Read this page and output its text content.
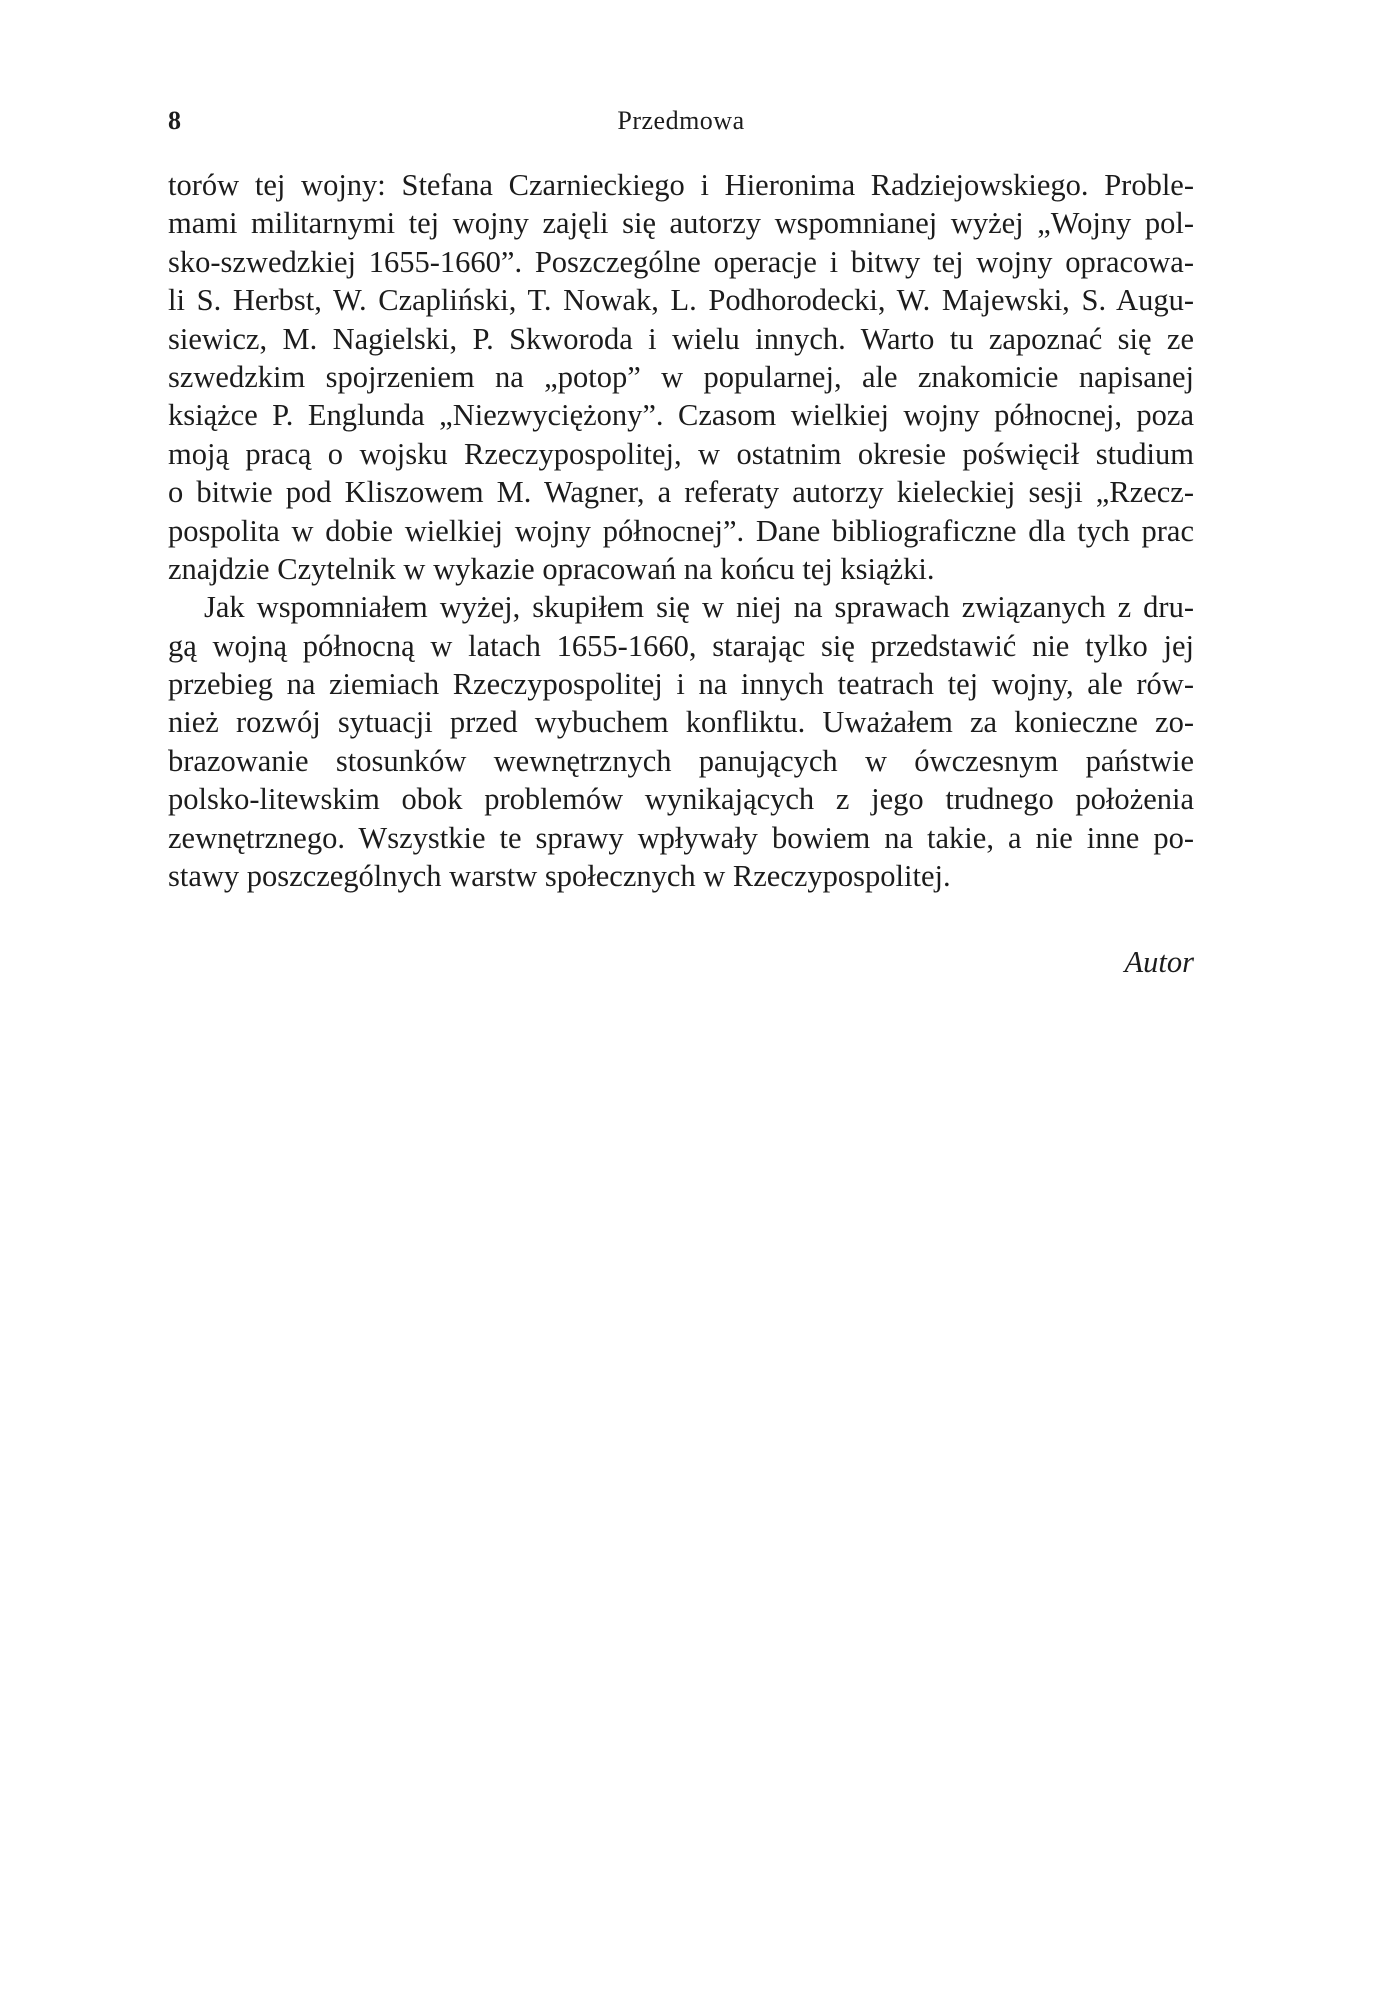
8	Przedmowa
torów tej wojny: Stefana Czarnieckiego i Hieronima Radziejowskiego. Proble-
mami militarnymi tej wojny zajęli się autorzy wspomnianej wyżej „Wojny pol-
sko-szwedzkiej 1655-1660”. Poszczególne operacje i bitwy tej wojny opracowa-
li S. Herbst, W. Czapliński, T. Nowak, L. Podhorodecki, W. Majewski, S. Augu-
siewicz, M. Nagielski, P. Skworoda i wielu innych. Warto tu zapoznać się ze
szwedzkim spojrzeniem na „potop” w popularnej, ale znakomicie napisanej
książce P. Englunda „Niezwyciężony”. Czasom wielkiej wojny północnej, poza
moją pracą o wojsku Rzeczypospolitej, w ostatnim okresie poświęcił studium
o bitwie pod Kliszowem M. Wagner, a referaty autorzy kieleckiej sesji „Rzecz-
pospolita w dobie wielkiej wojny północnej”. Dane bibliograficzne dla tych prac
znajdzie Czytelnik w wykazie opracowań na końcu tej książki.
Jak wspomniałem wyżej, skupiłem się w niej na sprawach związanych z dru-
gą wojną północną w latach 1655-1660, starając się przedstawić nie tylko jej
przebieg na ziemiach Rzeczypospolitej i na innych teatrach tej wojny, ale rów-
nież rozwój sytuacji przed wybuchem konfliktu. Uważałem za konieczne zo-
brazowanie stosunków wewnętrznych panujących w ówczesnym państwie
polsko-litewskim obok problemów wynikających z jego trudnego położenia
zewnętrznego. Wszystkie te sprawy wpływały bowiem na takie, a nie inne po-
stawy poszczególnych warstw społecznych w Rzeczypospolitej.
Autor
